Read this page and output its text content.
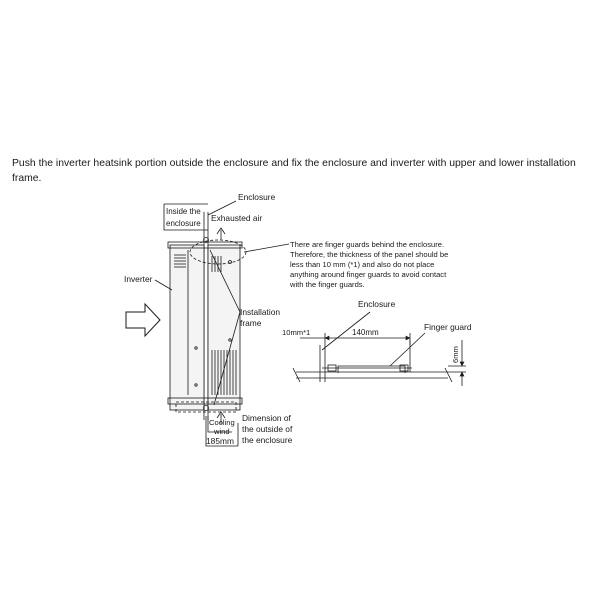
Push the inverter heatsink portion outside the enclosure and fix the enclosure and inverter with upper and lower installation frame.

Enclosure
Inside the
enclosure
Exhausted air
Inverter
Installation
frame
Cooling
wind
185mm
Dimension of
the outside of
the enclosure
There are finger guards behind the enclosure.
Therefore, the thickness of the panel should be
less than 10 mm (*1) and also do not place
anything around finger guards to avoid contact
with the finger guards.
Enclosure
Finger guard
10mm*1	140mm
6mm
